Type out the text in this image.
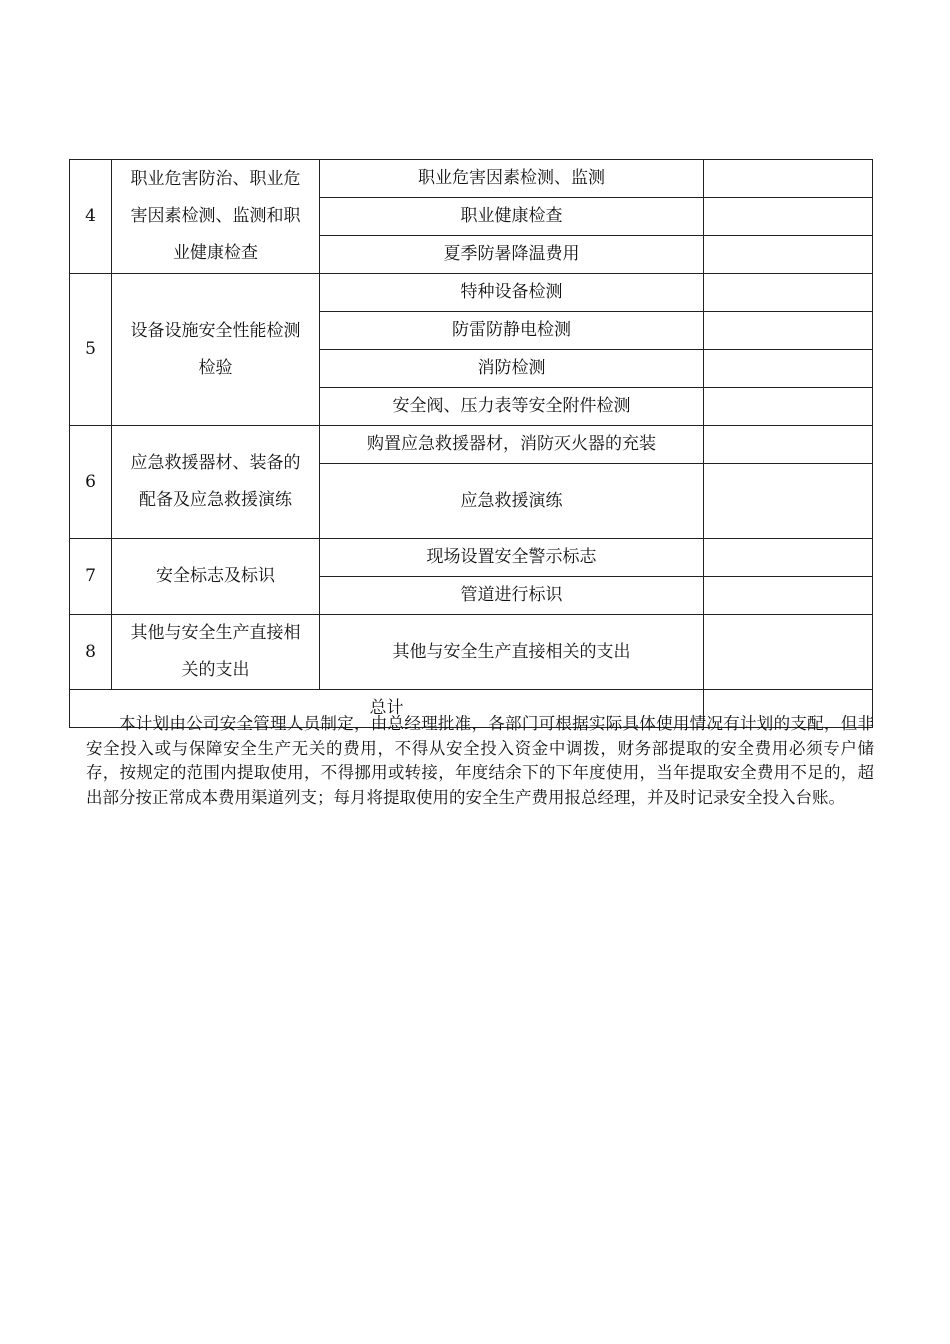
4	职业危害防治、职业危害因素检测、监测和职业健康检查	职业危害因素检测、监测	
		职业健康检查	
		夏季防暑降温费用	
5	设备设施安全性能检测检验	特种设备检测	
		防雷防静电检测	
		消防检测	
		安全阀、压力表等安全附件检测	
6	应急救援器材、装备的配备及应急救援演练	购置应急救援器材，消防灭火器的充装	
		应急救援演练	
7	安全标志及标识	现场设置安全警示标志	
		管道进行标识	
8	其他与安全生产直接相关的支出	其他与安全生产直接相关的支出	
总计			

本计划由公司安全管理人员制定，由总经理批准，各部门可根据实际具体使用情况有计划的支配，但非安全投入或与保障安全生产无关的费用，不得从安全投入资金中调拨，财务部提取的安全费用必须专户储存，按规定的范围内提取使用，不得挪用或转接，年度结余下的下年度使用，当年提取安全费用不足的，超出部分按正常成本费用渠道列支；每月将提取使用的安全生产费用报总经理，并及时记录安全投入台账。
